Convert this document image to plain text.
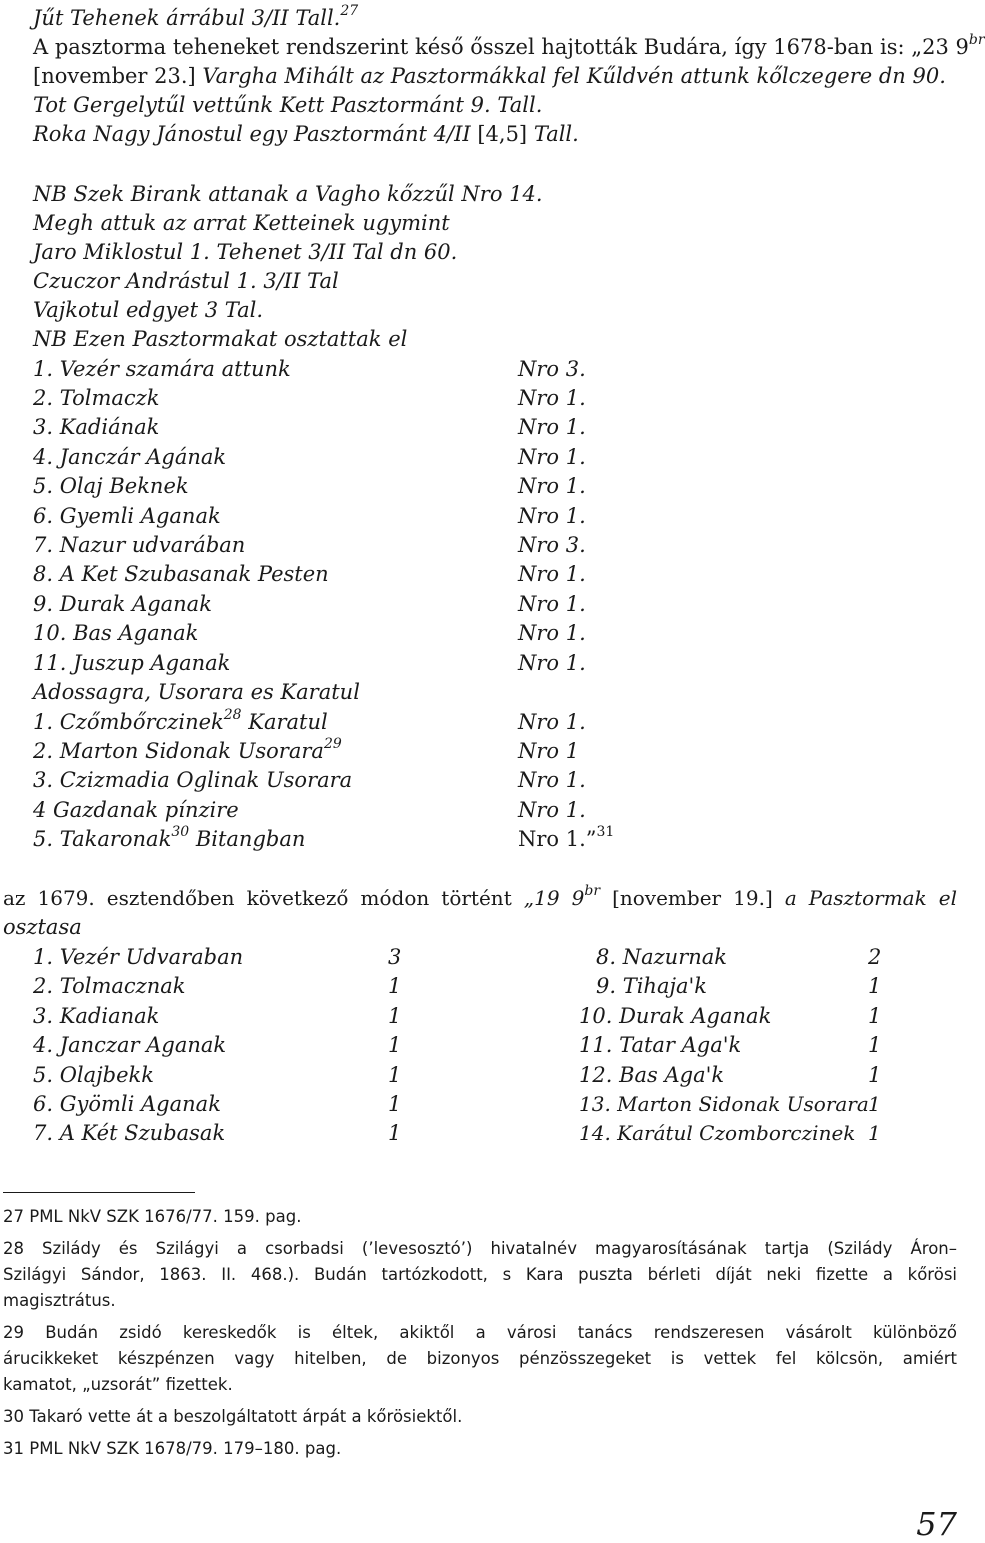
Jűt Tehenek árrábul 3/II Tall.$^{27}$
A pasztorma teheneket rendszerint késő ősszel hajtották Budára, így 1678-ban is: „23 $9^{br}$
[november 23.] Vargha Mihált az Pasztormákkal fel Kűldvén attunk kőlczegere dn 90.
Tot Gergelytűl vettűnk Kett Pasztormánt 9. Tall.
Roka Nagy Jánostul egy Pasztormánt 4/II [4,5] Tall.
NB Szek Birank attanak a Vagho kőzzűl Nro 14.
Megh attuk az arrat Ketteinek ugymint
Jaro Miklostul 1. Tehenet 3/II Tal dn 60.
Czuczor Andrástul 1. 3/II Tal
Vajkotul edgyet 3 Tal.
NB Ezen Pasztormakat osztattak el
1. Vezér szamára attunk	Nro 3.
2. Tolmaczk	Nro 1.
3. Kadiának	Nro 1.
4. Janczár Agának	Nro 1.
5. Olaj Beknek	Nro 1.
6. Gyemli Aganak	Nro 1.
7. Nazur udvarában	Nro 3.
8. A Ket Szubasanak Pesten	Nro 1.
9. Durak Aganak	Nro 1.
10. Bas Aganak	Nro 1.
11. Juszup Aganak	Nro 1.
Adossagra, Usorara es Karatul
1. Czőmbőrczinek$^{28}$ Karatul	Nro 1.
2. Marton Sidonak Usorara$^{29}$	Nro 1
3. Czizmadia Oglinak Usorara	Nro 1.
4 Gazdanak pínzire	Nro 1.
5. Takaronak$^{30}$ Bitangban	Nro 1.”$^{31}$
az 1679. esztendőben következő módon történt „19 $9^{br}$ [november 19.] a Pasztormak el
osztasa
1. Vezér Udvaraban	3
2. Tolmacznak	1
3. Kadianak	1
4. Janczar Aganak	1
5. Olajbekk	1
6. Gyömli Aganak	1
7. A Két Szubasak	1
8. Nazurnak	2
9. Tihaja'k	1
10. Durak Aganak	1
11. Tatar Aga'k	1
12. Bas Aga'k	1
13. Marton Sidonak Usorara 1
14. Karátul Czomborczinek 1
27 PML NkV SZK 1676/77. 159. pag.
28 Szilády és Szilágyi a csorbadsi (’levesosztó’) hivatalnév magyarosításának tartja (Szilády Áron–
Szilágyi Sándor, 1863. II. 468.). Budán tartózkodott, s Kara puszta bérleti díját neki fizette a kőrösi
magisztrátus.
29 Budán zsidó kereskedők is éltek, akiktől a városi tanács rendszeresen vásárolt különböző
árucikkeket készpénzen vagy hitelben, de bizonyos pénzösszegeket is vettek fel kölcsön, amiért
kamatot, „uzsorát” fizettek.
30 Takaró vette át a beszolgáltatott árpát a kőrösiektől.
31 PML NkV SZK 1678/79. 179–180. pag.
57
